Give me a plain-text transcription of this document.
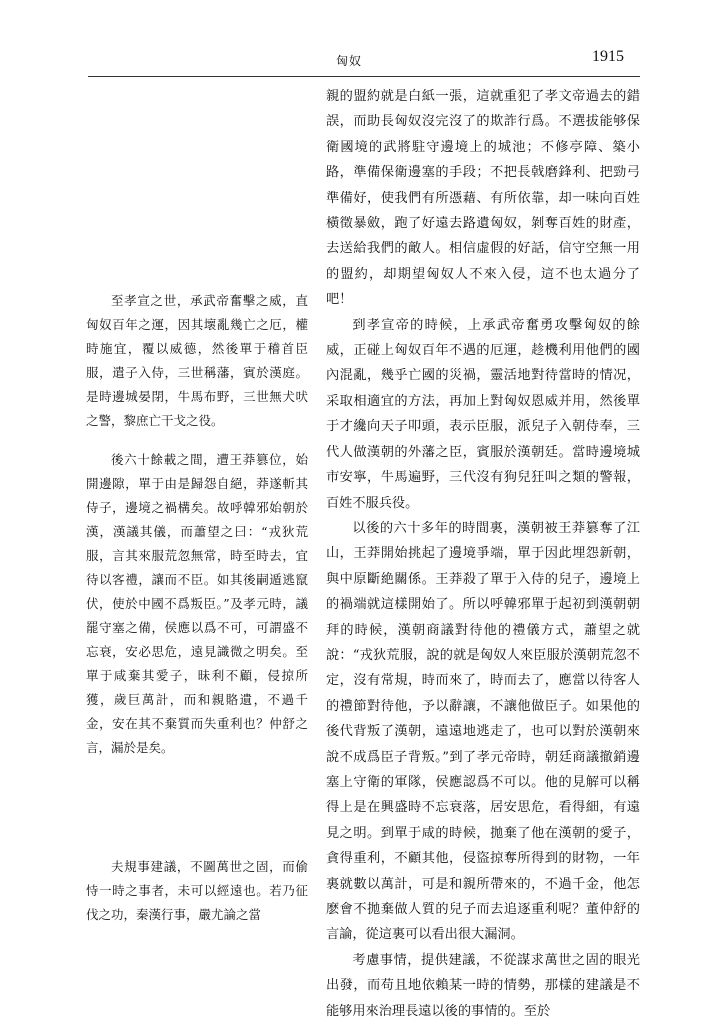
匈奴	1915

至孝宣之世，承武帝奮擊之威，直匈奴百年之運，因其壞亂幾亡之厄，權時施宜，覆以威德，然後單于稽首臣服，遣子入侍，三世稱藩，賓於漢庭。是時邊城晏閉，牛馬布野，三世無犬吠之警，黎庶亡干戈之役。

後六十餘載之間，遭王莽篡位，始開邊隙，單于由是歸怨自絕，莽遂斬其侍子，邊境之禍構矣。故呼韓邪始朝於漢，漢議其儀，而蕭望之曰：“戎狄荒服，言其來服荒忽無常，時至時去，宜待以客禮，讓而不臣。如其後嗣遁逃竄伏，使於中國不爲叛臣。”及孝元時，議罷守塞之備，侯應以爲不可，可謂盛不忘衰，安必思危，遠見識微之明矣。至單于咸棄其愛子，昧利不顧，侵掠所獲，歲巨萬計，而和親賂遺，不過千金，安在其不棄質而失重利也？仲舒之言，漏於是矣。

夫規事建議，不圖萬世之固，而偷恃一時之事者，未可以經遠也。若乃征伐之功，秦漢行事，嚴尤論之當

親的盟約就是白紙一張，這就重犯了孝文帝過去的錯誤，而助長匈奴沒完沒了的欺詐行爲。不選拔能够保衛國境的武將駐守邊境上的城池；不修亭障、築小路，準備保衛邊塞的手段；不把長戟磨鋒利、把勁弓準備好，使我們有所憑藉、有所依靠，却一味向百姓橫徵暴斂，跑了好遠去路遺匈奴，剝奪百姓的財產，去送給我們的敵人。相信虛假的好話，信守空無一用的盟約，却期望匈奴人不來入侵，這不也太過分了吧！

到孝宣帝的時候，上承武帝奮勇攻擊匈奴的餘威，正碰上匈奴百年不遇的厄運，趁機利用他們的國內混亂，幾乎亡國的災禍，靈活地對待當時的情况，采取相適宜的方法，再加上對匈奴恩威并用，然後單于才纔向天子叩頭，表示臣服，派兒子入朝侍奉，三代人做漢朝的外藩之臣，賓服於漢朝廷。當時邊境城市安寧，牛馬遍野，三代沒有狗兒狂叫之類的警報，百姓不服兵役。

以後的六十多年的時間裏，漢朝被王莽篡奪了江山，王莽開始挑起了邊境爭端，單于因此埋怨新朝，與中原斷絶關係。王莽殺了單于入侍的兒子，邊境上的禍端就這樣開始了。所以呼韓邪單于起初到漢朝朝拜的時候，漢朝商議對待他的禮儀方式，蕭望之就說：“戎狄荒服，說的就是匈奴人來臣服於漢朝荒忽不定，沒有常規，時而來了，時而去了，應當以待客人的禮節對待他，予以辭讓，不讓他做臣子。如果他的後代背叛了漢朝，遠遠地逃走了，也可以對於漢朝來說不成爲臣子背叛。”到了孝元帝時，朝廷商議撤銷邊塞上守衛的軍隊，侯應認爲不可以。他的見解可以稱得上是在興盛時不忘衰落，居安思危，看得細，有遠見之明。到單于咸的時候，拋棄了他在漢朝的愛子，貪得重利，不顧其他，侵盜掠奪所得到的財物，一年裏就數以萬計，可是和親所帶來的，不過千金，他怎麽會不拋棄做人質的兒子而去追逐重利呢？董仲舒的言論，從這裏可以看出很大漏洞。

考慮事情，提供建議，不從謀求萬世之固的眼光出發，而苟且地依賴某一時的情勢，那樣的建議是不能够用來治理長遠以後的事情的。至於
